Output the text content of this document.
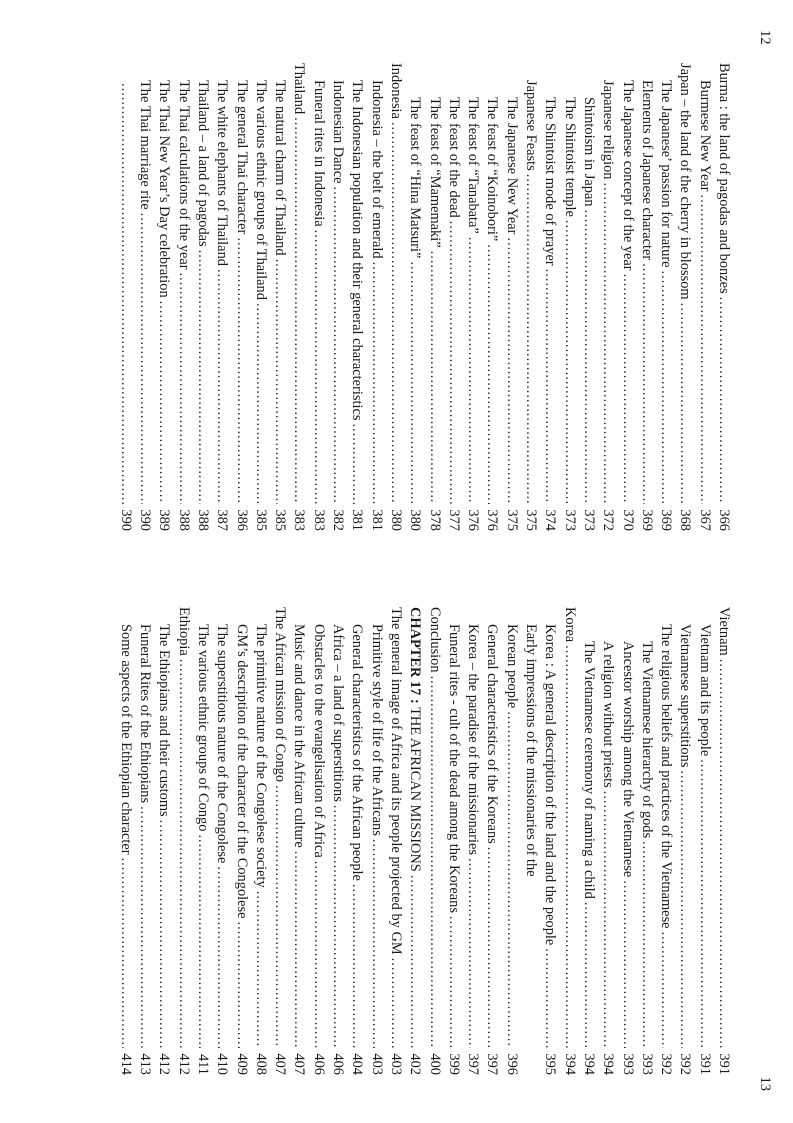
12
13
Burma : the land of pagodas and bonzes
.....
366
Burmese New Year
.....
367
Japan – the land of the cherry in blossom
.....
368
The Japanese’ passion for nature
.....
369
Elements of Japanese character
.....
369
The Japanese concept of the year
.....
370
Japanese religion
.....
372
Shintoism in Japan
.....
373
The Shintoist temple
.....
373
The Shintoist mode of prayer
.....
374
Japanese Feasts
.....
375
The Japanese New Year
.....
375
The feast of “Koinobori”
.....
376
The feast of “Tanabata”
.....
376
The feast of the dead
.....
377
The feast of “Mamemaki”
.....
378
The feast of “Hina Matsuri”
.....
380
Indonesia
.....
380
Indonesia – the belt of emerald
.....
381
The Indonesian population and their general characteristics
.....
381
Indonesian Dance
.....
382
Funeral rites in Indonesia
.....
383
Thailand
.....
383
The natural charm of Thailand
.....
385
The various ethnic groups of Thailand
.....
385
The general Thai character
.....
386
The white elephants of Thailand
.....
387
Thailand – a land of pagodas
.....
388
The Thai calculations of the year
.....
388
The Thai New Year’s Day celebration
.....
389
The Thai marriage rite
.....
390
.....
390
Vietnam
.....
391
Vietnam and its people
.....
391
Vietnamese superstitions
.....
392
The religious beliefs and practices of the Vietnamese
.....
392
The Vietnamese hierarchy of gods
.....
393
Ancestor worship among the Vietnamese
.....
393
A religion without priests
.....
394
The Vietnamese ceremony of naming a child
.....
394
Korea
.....
394
Korea : A general description of the land and the people
.....
395
Early impressions of the missionaries of the
Korean people
.....
396
General characteristics of the Koreans
.....
397
Korea – the paradise of the missionaries
.....
397
Funeral rites - cult of the dead among the Koreans
.....
399
Conclusion
.....
400
CHAPTER 17 : THE AFRICAN MISSIONS
.....
402
The general image of Africa and its people projected by GM
.....
403
Primitive style of life of the Africans
.....
403
General characteristics of the African people
.....
404
Africa – a land of superstitions
.....
406
Obstacles to the evangelisation of Africa
.....
406
Music and dance in the African culture
.....
407
The African mission of Congo
.....
407
The primitive nature of the Congolese society
.....
408
GM’s description of the character of the Congolese
.....
409
The superstitious nature of the Congolese
.....
410
The various ethnic groups of Congo
.....
411
Ethiopia
.....
412
The Ethiopians and their customs
.....
412
Funeral Rites of the Ethiopians
.....
413
Some aspects of the Ethiopian character
.....
414
